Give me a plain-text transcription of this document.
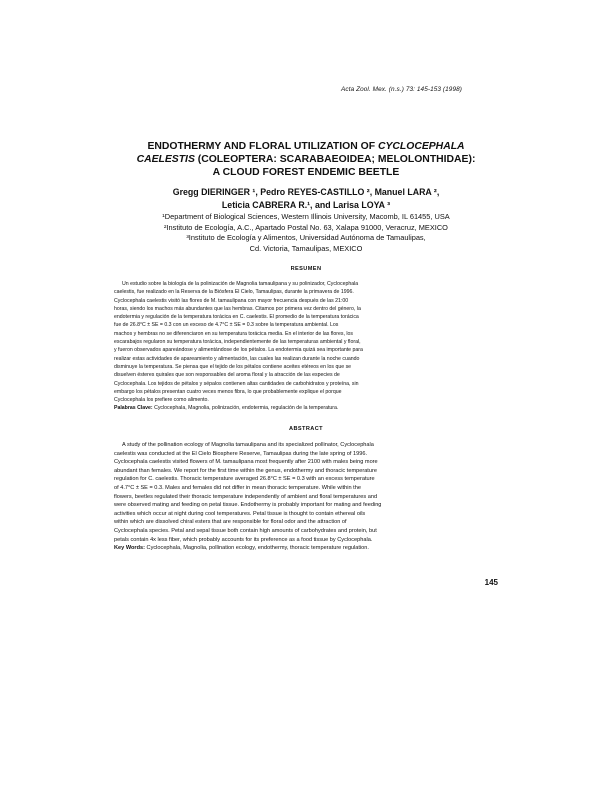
Acta Zool. Mex. (n.s.) 73: 145-153 (1998)
ENDOTHERMY AND FLORAL UTILIZATION OF CYCLOCEPHALA
CAELESTIS (COLEOPTERA: SCARABAEOIDEA; MELOLONTHIDAE):
A CLOUD FOREST ENDEMIC BEETLE
Gregg DIERINGER ¹, Pedro REYES-CASTILLO ², Manuel LARA ²,
Leticia CABRERA R.¹, and Larisa LOYA ³
¹Department of Biological Sciences, Western Illinois University, Macomb, IL 61455, USA
²Instituto de Ecología, A.C., Apartado Postal No. 63, Xalapa 91000, Veracruz, MEXICO
³Instituto de Ecología y Alimentos, Universidad Autónoma de Tamaulipas,
Cd. Victoria, Tamaulipas, MEXICO
RESUMEN
Un estudio sobre la biología de la polinización de Magnolia tamaulipana y su polinizador, Cyclocephala
caelestis, fue realizado en la Reserva de la Biósfera El Cielo, Tamaulipas, durante la primavera de 1996.
Cyclocephala caelestis visitó las flores de M. tamaulipana con mayor frecuencia después de las 21:00
horas, siendo los machos más abundantes que las hembras. Citamos por primera vez dentro del género, la
endotermia y regulación de la temperatura torácica en C. caelestis. El promedio de la temperatura torácica
fue de 26.8°C ± SE = 0.3 con un exceso de 4.7°C ± SE = 0.3 sobre la temperatura ambiental. Los
machos y hembras no se diferenciaron en su temperatura torácica media. En el interior de las flores, los
escarabajos regularon su temperatura torácica, independientemente de las temperaturas ambiental y floral,
y fueron observados apareándose y alimentándose de los pétalos. La endotermia quizá sea importante para
realizar estas actividades de apareamiento y alimentación, las cuales las realizan durante la noche cuando
disminuye la temperatura. Se piensa que el tejido de los pétalos contiene aceites etéreos en los que se
disuelven ésteres quirales que son responsables del aroma floral y la atracción de las especies de
Cyclocephala. Los tejidos de pétalos y sépalos contienen altas cantidades de carbohidratos y proteína, sin
embargo los pétalos presentan cuatro veces menos fibra, lo que probablemente explique el porque
Cyclocephala los prefiere como alimento.
Palabras Clave: Cyclocephala, Magnolia, polinización, endotermia, regulación de la temperatura.
ABSTRACT
A study of the pollination ecology of Magnolia tamaulipana and its specialized pollinator, Cyclocephala
caelestis was conducted at the El Cielo Biosphere Reserve, Tamaulipas during the late spring of 1996.
Cyclocephala caelestis visited flowers of M. tamaulipana most frequently after 2100 with males being more
abundant than females. We report for the first time within the genus, endothermy and thoracic temperature
regulation for C. caelestis. Thoracic temperature averaged 26.8°C ± SE = 0.3 with an excess temperature
of 4.7°C ± SE = 0.3. Males and females did not differ in mean thoracic temperature. While within the
flowers, beetles regulated their thoracic temperature independently of ambient and floral temperatures and
were observed mating and feeding on petal tissue. Endothermy is probably important for mating and feeding
activities which occur at night during cool temperatures. Petal tissue is thought to contain ethereal oils
within which are dissolved chiral esters that are responsible for floral odor and the attraction of
Cyclocephala species. Petal and sepal tissue both contain high amounts of carbohydrates and protein, but
petals contain 4x less fiber, which probably accounts for its preference as a food tissue by Cyclocephala.
Key Words: Cyclocephala, Magnolia, pollination ecology, endothermy, thoracic temperature regulation.
145
